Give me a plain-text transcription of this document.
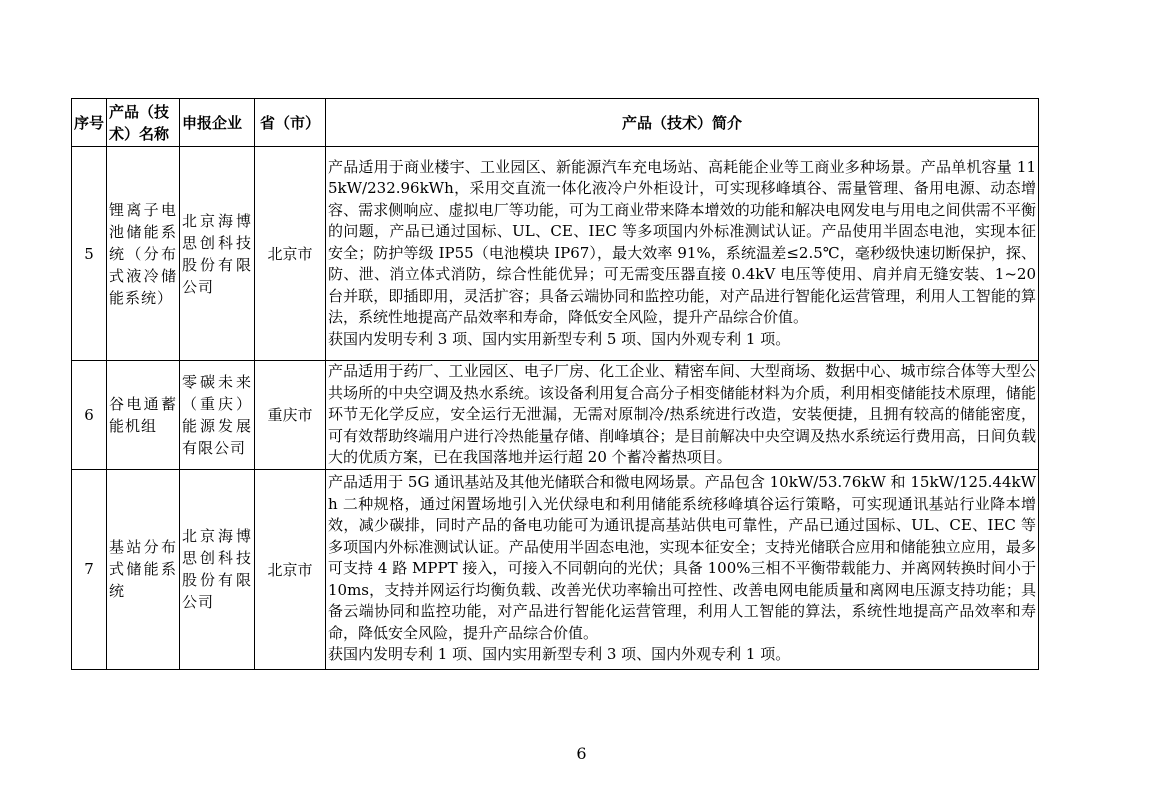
序号	产品（技术）名称	申报企业	省（市）	产品（技术）简介
5	锂离子电池储能系统（分布式液冷储能系统）	北京海博思创科技股份有限公司	北京市	产品适用于商业楼宇、工业园区、新能源汽车充电场站、高耗能企业等工商业多种场景。产品单机容量 115kW/232.96kWh，采用交直流一体化液冷户外柜设计，可实现移峰填谷、需量管理、备用电源、动态增容、需求侧响应、虚拟电厂等功能，可为工商业带来降本增效的功能和解决电网发电与用电之间供需不平衡的问题，产品已通过国标、UL、CE、IEC 等多项国内外标准测试认证。产品使用半固态电池，实现本征安全；防护等级 IP55（电池模块 IP67），最大效率 91%，系统温差≤2.5℃，毫秒级快速切断保护，探、防、泄、消立体式消防，综合性能优异；可无需变压器直接 0.4kV 电压等使用、肩并肩无缝安装、1~20 台并联，即插即用，灵活扩容；具备云端协同和监控功能，对产品进行智能化运营管理，利用人工智能的算法，系统性地提高产品效率和寿命，降低安全风险，提升产品综合价值。

获国内发明专利 3 项、国内实用新型专利 5 项、国内外观专利 1 项。

6	谷电通蓄能机组	零碳未来（重庆）能源发展有限公司	重庆市	产品适用于药厂、工业园区、电子厂房、化工企业、精密车间、大型商场、数据中心、城市综合体等大型公共场所的中央空调及热水系统。该设备利用复合高分子相变储能材料为介质，利用相变储能技术原理，储能环节无化学反应，安全运行无泄漏，无需对原制冷/热系统进行改造，安装便捷，且拥有较高的储能密度，可有效帮助终端用户进行冷热能量存储、削峰填谷；是目前解决中央空调及热水系统运行费用高，日间负载大的优质方案，已在我国落地并运行超 20 个蓄冷蓄热项目。

7	基站分布式储能系统	北京海博思创科技股份有限公司	北京市	产品适用于 5G 通讯基站及其他光储联合和微电网场景。产品包含 10kW/53.76kW 和 15kW/125.44kWh 二种规格，通过闲置场地引入光伏绿电和利用储能系统移峰填谷运行策略，可实现通讯基站行业降本增效，减少碳排，同时产品的备电功能可为通讯提高基站供电可靠性，产品已通过国标、UL、CE、IEC 等多项国内外标准测试认证。产品使用半固态电池，实现本征安全；支持光储联合应用和储能独立应用，最多可支持 4 路 MPPT 接入，可接入不同朝向的光伏；具备 100%三相不平衡带载能力、并离网转换时间小于 10ms，支持并网运行均衡负载、改善光伏功率输出可控性、改善电网电能质量和离网电压源支持功能；具备云端协同和监控功能，对产品进行智能化运营管理，利用人工智能的算法，系统性地提高产品效率和寿命，降低安全风险，提升产品综合价值。

获国内发明专利 1 项、国内实用新型专利 3 项、国内外观专利 1 项。

6
